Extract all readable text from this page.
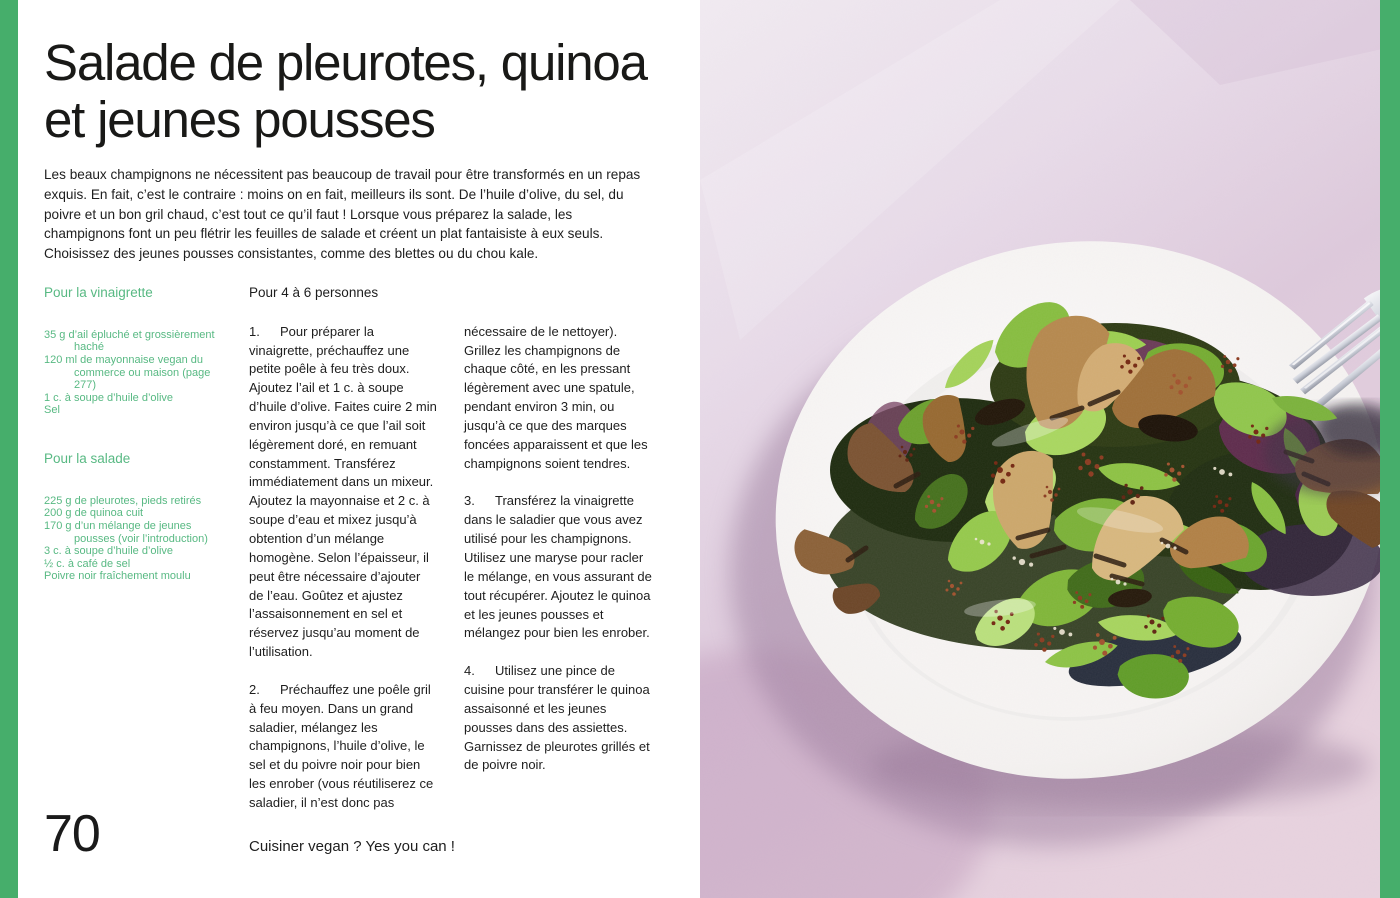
Salade de pleurotes, quinoa
et jeunes pousses

Les beaux champignons ne nécessitent pas beaucoup de travail pour être transformés en un repas exquis. En fait, c’est le contraire : moins on en fait, meilleurs ils sont. De l’huile d’olive, du sel, du poivre et un bon gril chaud, c’est tout ce qu’il faut ! Lorsque vous préparez la salade, les champignons font un peu flétrir les feuilles de salade et créent un plat fantaisiste à eux seuls. Choisissez des jeunes pousses consistantes, comme des blettes ou du chou kale.

Pour la vinaigrette
35 g d’ail épluché et grossièrement haché
120 ml de mayonnaise vegan du commerce ou maison (page 277)
1 c. à soupe d’huile d’olive
Sel
Pour la salade
225 g de pleurotes, pieds retirés
200 g de quinoa cuit
170 g d’un mélange de jeunes pousses (voir l’introduction)
3 c. à soupe d’huile d’olive
½ c. à café de sel
Poivre noir fraîchement moulu

Pour 4 à 6 personnes

1. Pour préparer la vinaigrette, préchauffez une petite poêle à feu très doux. Ajoutez l’ail et 1 c. à soupe d’huile d’olive. Faites cuire 2 min environ jusqu’à ce que l’ail soit légèrement doré, en remuant constamment. Transférez immédiatement dans un mixeur. Ajoutez la mayonnaise et 2 c. à soupe d’eau et mixez jusqu’à obtention d’un mélange homogène. Selon l’épaisseur, il peut être nécessaire d’ajouter de l’eau. Goûtez et ajustez l’assaisonnement en sel et réservez jusqu’au moment de l’utilisation.

2. Préchauffez une poêle gril à feu moyen. Dans un grand saladier, mélangez les champignons, l’huile d’olive, le sel et du poivre noir pour bien les enrober (vous réutiliserez ce saladier, il n’est donc pas

nécessaire de le nettoyer). Grillez les champignons de chaque côté, en les pressant légèrement avec une spatule, pendant environ 3 min, ou jusqu’à ce que des marques foncées apparaissent et que les champignons soient tendres.

3. Transférez la vinaigrette dans le saladier que vous avez utilisé pour les champignons. Utilisez une maryse pour racler le mélange, en vous assurant de tout récupérer. Ajoutez le quinoa et les jeunes pousses et mélangez pour bien les enrober.

4. Utilisez une pince de cuisine pour transférer le quinoa assaisonné et les jeunes pousses dans des assiettes. Garnissez de pleurotes grillés et de poivre noir.

70	Cuisiner vegan ? Yes you can !
